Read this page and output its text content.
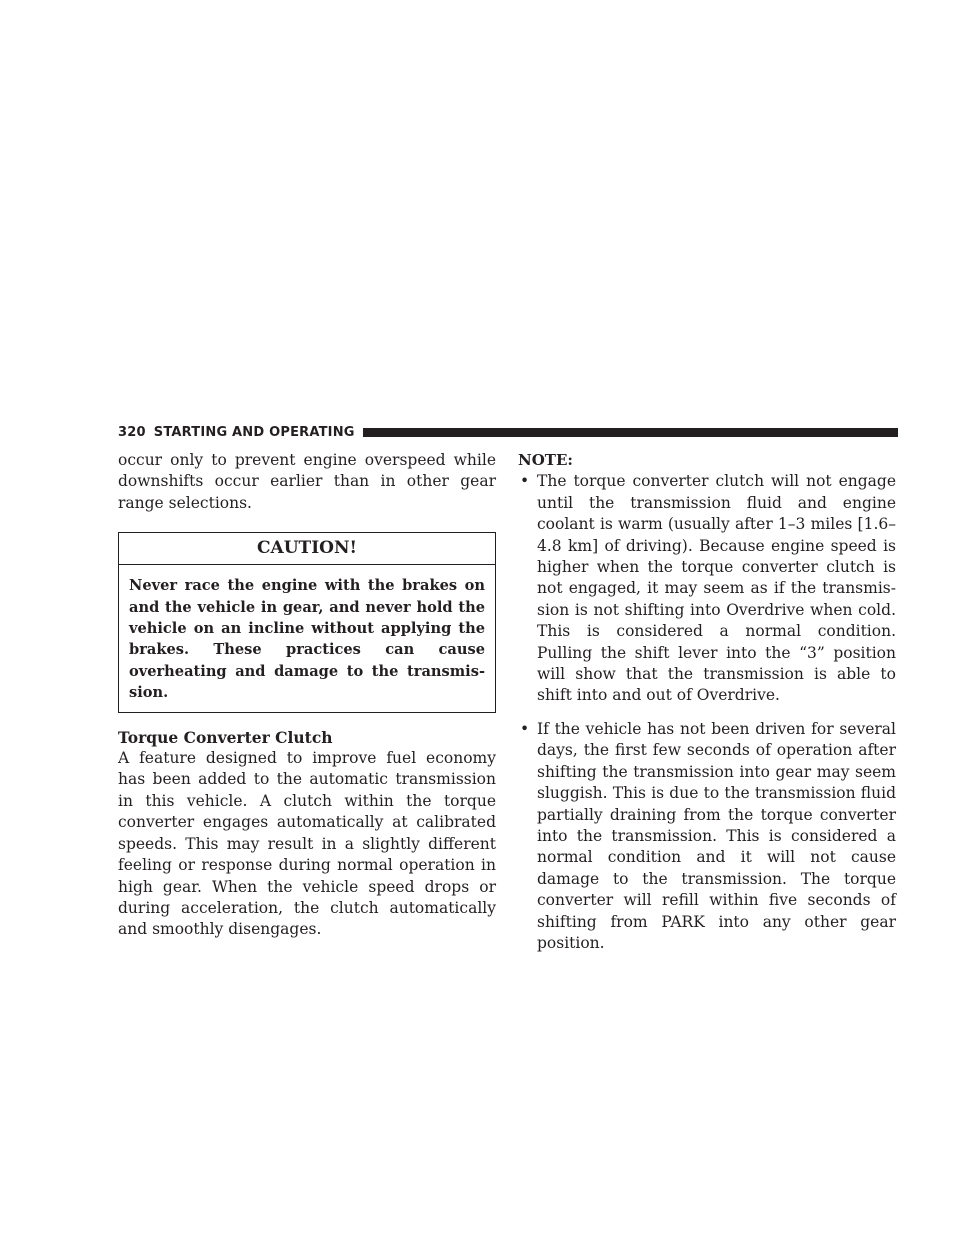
320 STARTING AND OPERATING

occur only to prevent engine overspeed while downshifts occur earlier than in other gear range selections.

CAUTION!
Never race the engine with the brakes on and the vehicle in gear, and never hold the vehicle on an incline without applying the brakes. These practices can cause overheating and damage to the transmission.

Torque Converter Clutch

A feature designed to improve fuel economy has been added to the automatic transmission in this vehicle. A clutch within the torque converter engages automatically at calibrated speeds. This may result in a slightly different feeling or response during normal operation in high gear. When the vehicle speed drops or during acceleration, the clutch automatically and smoothly disengages.

NOTE:

• The torque converter clutch will not engage until the transmission fluid and engine coolant is warm (usually after 1–3 miles [1.6–4.8 km] of driving). Because engine speed is higher when the torque converter clutch is not engaged, it may seem as if the transmission is not shifting into Overdrive when cold. This is considered a normal condition. Pulling the shift lever into the “3” position will show that the transmission is able to shift into and out of Overdrive.

• If the vehicle has not been driven for several days, the first few seconds of operation after shifting the transmission into gear may seem sluggish. This is due to the transmission fluid partially draining from the torque converter into the transmission. This is considered a normal condition and it will not cause damage to the transmission. The torque converter will refill within five seconds of shifting from PARK into any other gear position.
